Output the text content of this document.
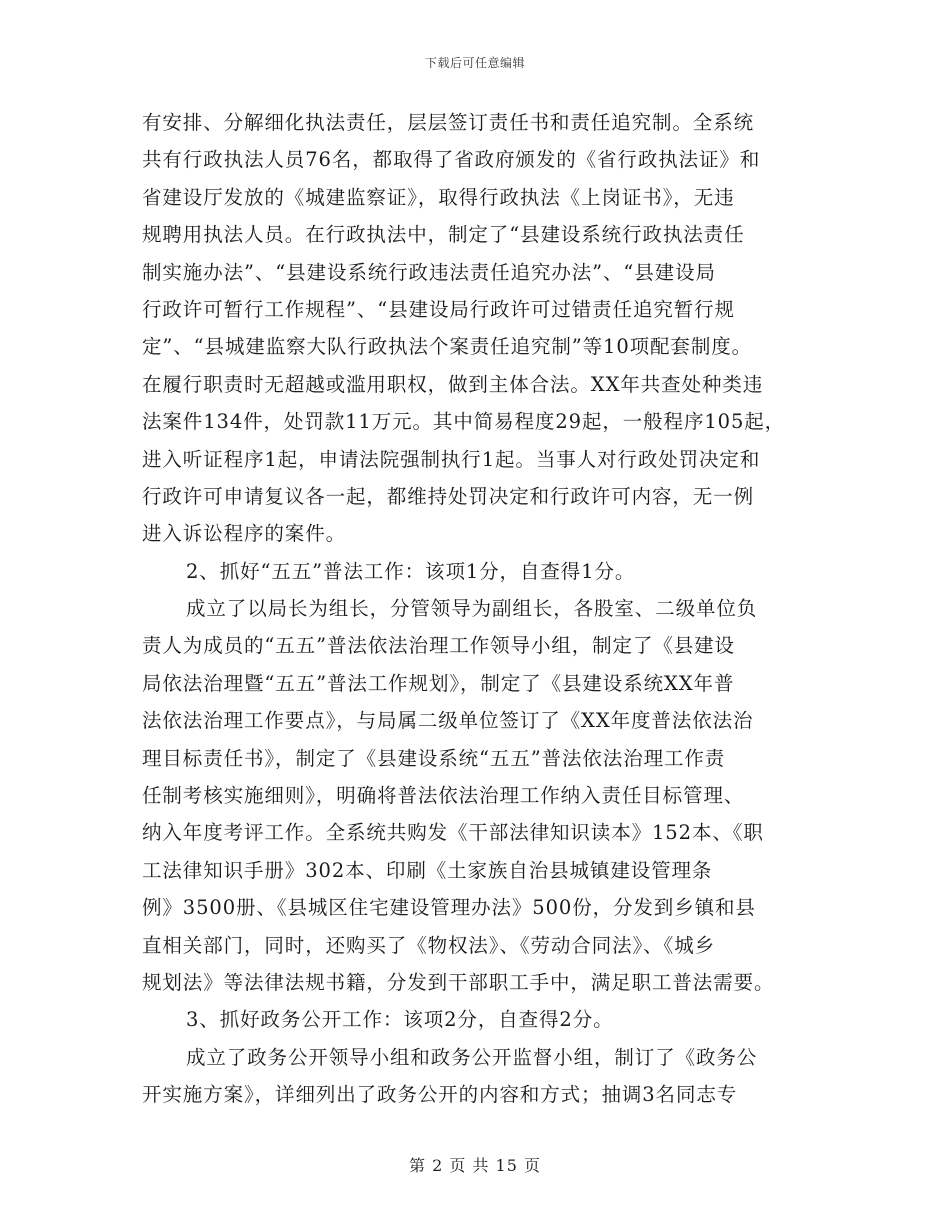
下载后可任意编辑
有安排、分解细化执法责任，层层签订责任书和责任追究制。全系统
共有行政执法人员76名，都取得了省政府颁发的《省行政执法证》和
省建设厅发放的《城建监察证》，取得行政执法《上岗证书》，无违
规聘用执法人员。在行政执法中，制定了“县建设系统行政执法责任
制实施办法”、“县建设系统行政违法责任追究办法”、“县建设局
行政许可暂行工作规程”、“县建设局行政许可过错责任追究暂行规
定”、“县城建监察大队行政执法个案责任追究制”等10项配套制度。
在履行职责时无超越或滥用职权，做到主体合法。XX年共查处种类违
法案件134件，处罚款11万元。其中简易程度29起，一般程序105起，
进入听证程序1起，申请法院强制执行1起。当事人对行政处罚决定和
行政许可申请复议各一起，都维持处罚决定和行政许可内容，无一例
进入诉讼程序的案件。
2、抓好“五五”普法工作：该项1分，自查得1分。
成立了以局长为组长，分管领导为副组长，各股室、二级单位负
责人为成员的“五五”普法依法治理工作领导小组，制定了《县建设
局依法治理暨“五五”普法工作规划》，制定了《县建设系统XX年普
法依法治理工作要点》，与局属二级单位签订了《XX年度普法依法治
理目标责任书》，制定了《县建设系统“五五”普法依法治理工作责
任制考核实施细则》，明确将普法依法治理工作纳入责任目标管理、
纳入年度考评工作。全系统共购发《干部法律知识读本》152本、《职
工法律知识手册》302本、印刷《土家族自治县城镇建设管理条
例》3500册、《县城区住宅建设管理办法》500份，分发到乡镇和县
直相关部门，同时，还购买了《物权法》、《劳动合同法》、《城乡
规划法》等法律法规书籍，分发到干部职工手中，满足职工普法需要。
3、抓好政务公开工作：该项2分，自查得2分。
成立了政务公开领导小组和政务公开监督小组，制订了《政务公
开实施方案》，详细列出了政务公开的内容和方式；抽调3名同志专
第 2 页 共 15 页
